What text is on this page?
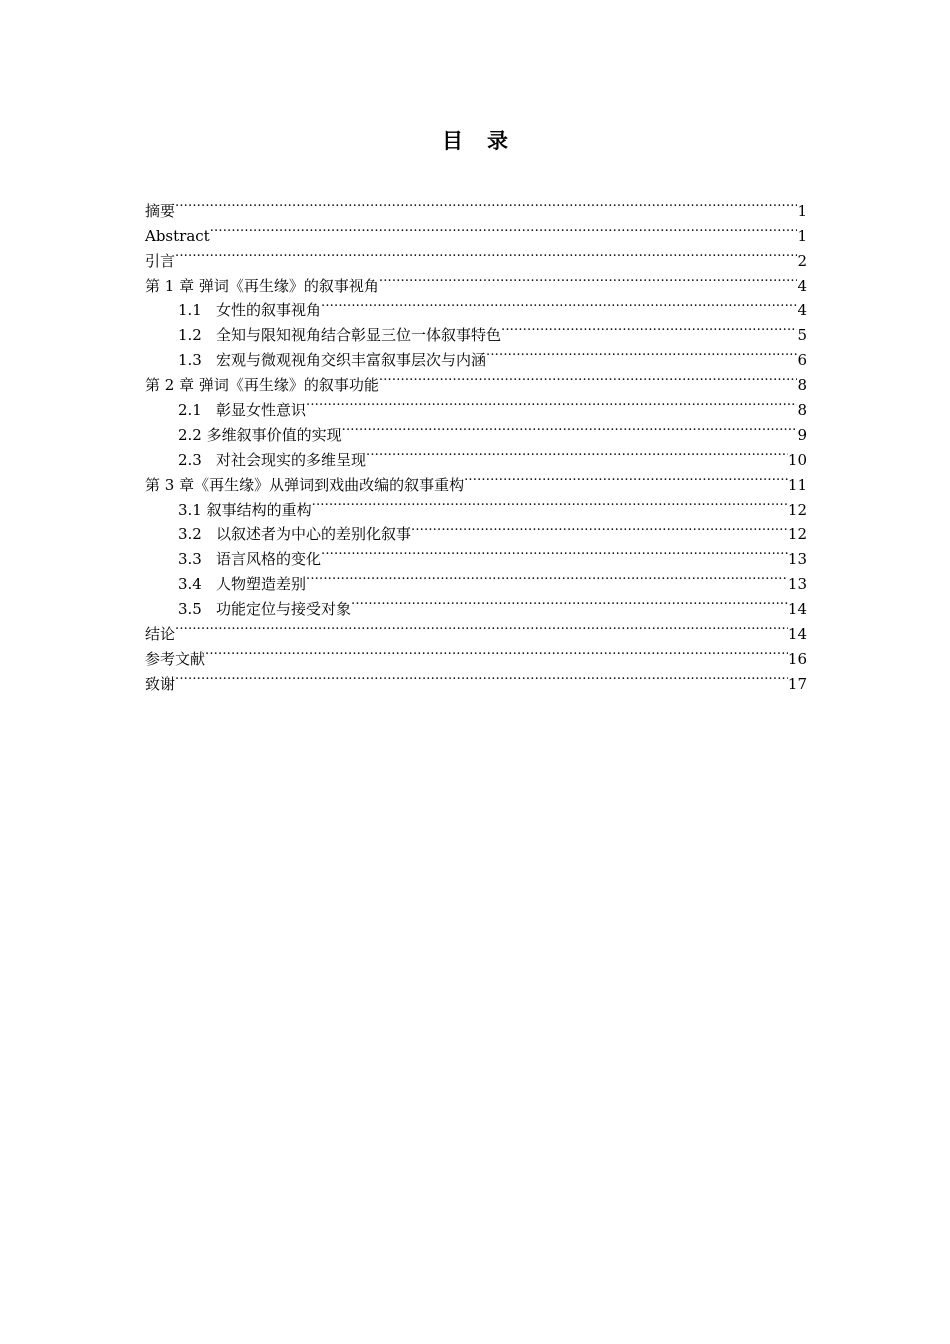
目 录
摘要 .....	1
Abstract .....	1
引言 .....	2
第 1 章 弹词《再生缘》的叙事视角 .....	4
1.1 女性的叙事视角 .....	4
1.2 全知与限知视角结合彰显三位一体叙事特色 .....	5
1.3 宏观与微观视角交织丰富叙事层次与内涵 .....	6
第 2 章 弹词《再生缘》的叙事功能 .....	8
2.1 彰显女性意识 .....	8
2.2 多维叙事价值的实现 .....	9
2.3 对社会现实的多维呈现 .....	10
第 3 章《再生缘》从弹词到戏曲改编的叙事重构 .....	11
3.1 叙事结构的重构 .....	12
3.2 以叙述者为中心的差别化叙事 .....	12
3.3 语言风格的变化 .....	13
3.4 人物塑造差别 .....	13
3.5 功能定位与接受对象 .....	14
结论 .....	14
参考文献 .....	16
致谢 .....	17
